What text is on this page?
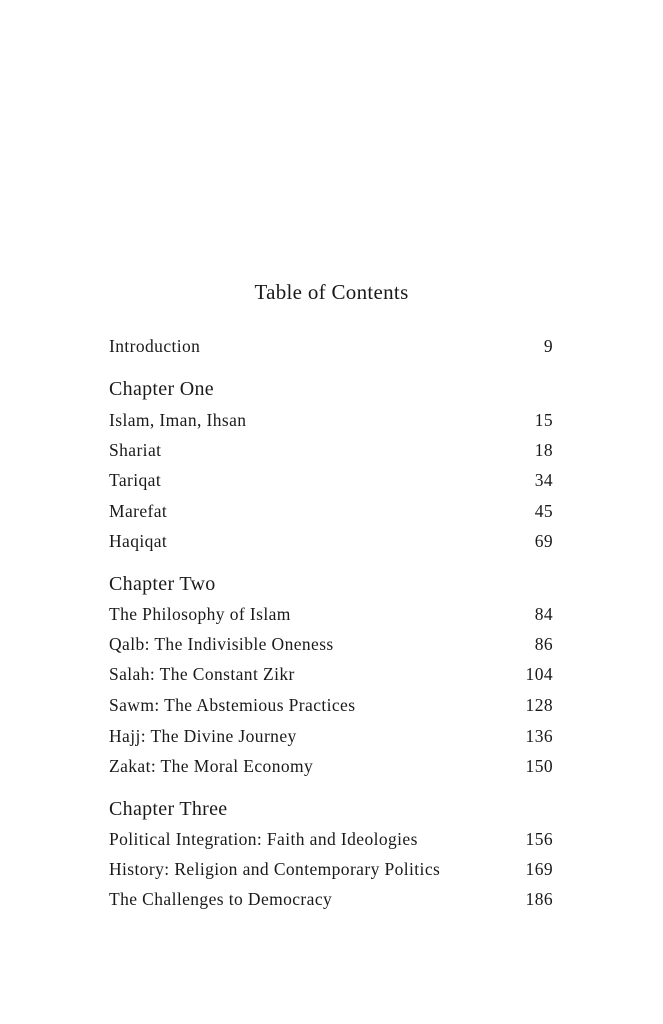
Table of Contents
Introduction	9
Chapter One
Islam, Iman, Ihsan	15
Shariat	18
Tariqat	34
Marefat	45
Haqiqat	69
Chapter Two
The Philosophy of Islam	84
Qalb: The Indivisible Oneness	86
Salah: The Constant Zikr	104
Sawm: The Abstemious Practices	128
Hajj: The Divine Journey	136
Zakat: The Moral Economy	150
Chapter Three
Political Integration: Faith and Ideologies	156
History: Religion and Contemporary Politics	169
The Challenges to Democracy	186
